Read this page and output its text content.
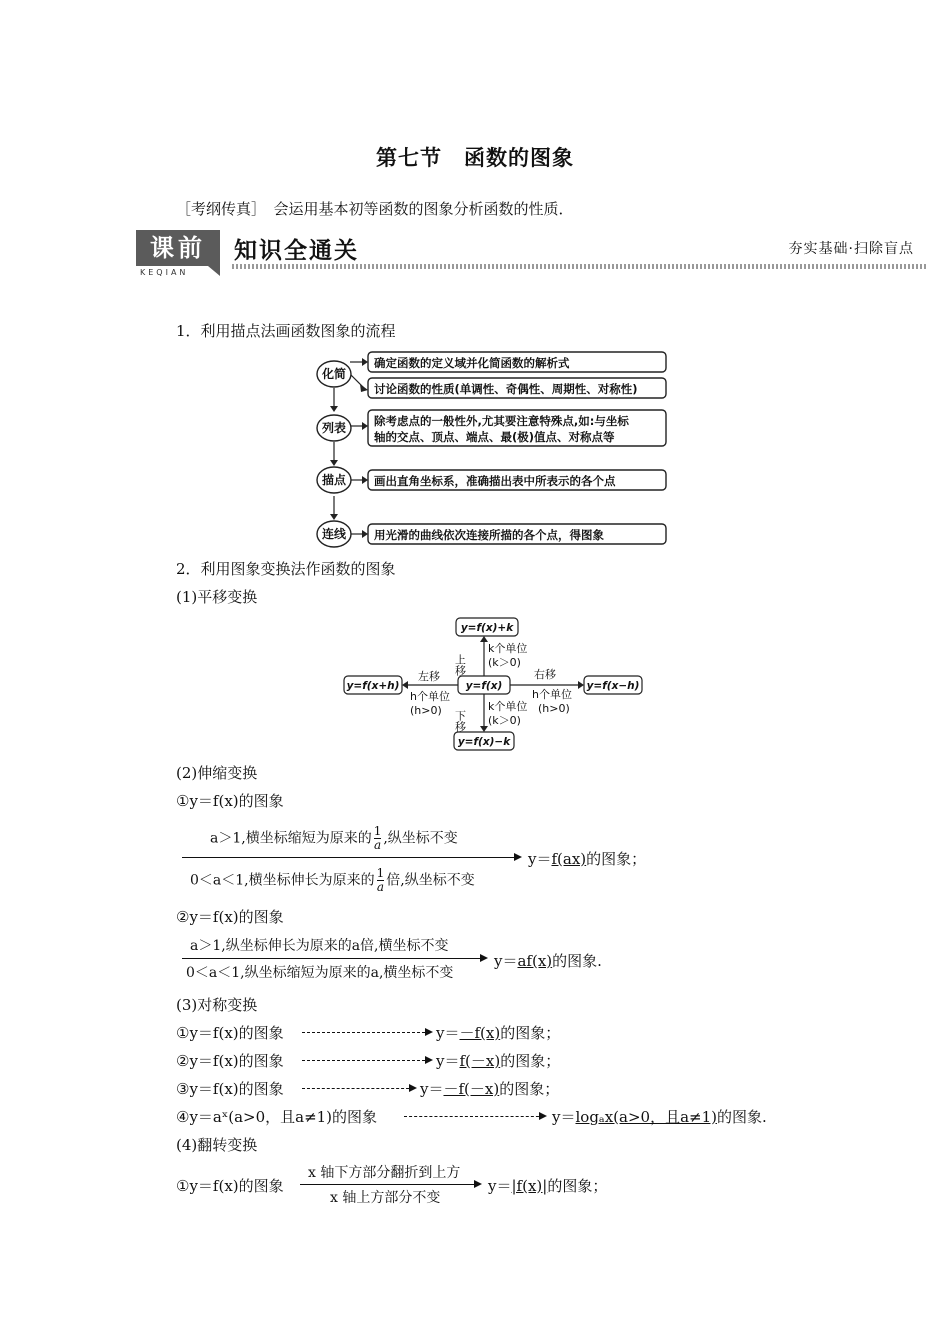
第七节　函数的图象
［考纲传真］　会运用基本初等函数的图象分析函数的性质．
课前
KEQIAN
知识全通关	夯实基础·扫除盲点
1．利用描点法画函数图象的流程
化简
列表
描点
连线
确定函数的定义域并化简函数的解析式
讨论函数的性质(单调性、奇偶性、周期性、对称性)
除考虑点的一般性外,尤其要注意特殊点,如:与坐标
轴的交点、顶点、端点、最(极)值点、对称点等
画出直角坐标系，准确描出表中所表示的各个点
用光滑的曲线依次连接所描的各个点，得图象
2．利用图象变换法作函数的图象
(1)平移变换
y=f(x)+k
y=f(x)
y=f(x+h)	y=f(x−h)
y=f(x)−k
上移
k个单位
(k＞0)
下移
k个单位
(k＞0)
左移
h个单位
(h>0)
右移
h个单位
(h>0)
(2)伸缩变换
①y＝f(x)的图象
a＞1,横坐标缩短为原来的 $\frac{1}{a}$ ,纵坐标不变
0＜a＜1,横坐标伸长为原来的 $\frac{1}{a}$ 倍,纵坐标不变
y＝f(ax)的图象；
②y＝f(x)的图象
a＞1,纵坐标伸长为原来的a倍,横坐标不变
0＜a＜1,纵坐标缩短为原来的a,横坐标不变
y＝af(x)的图象.
(3)对称变换
①y＝f(x)的图象	y＝－f(x)的图象；
②y＝f(x)的图象	y＝f(－x)的图象；
③y＝f(x)的图象	y＝－f(－x)的图象；
④y＝aˣ(a>0，且a≠1)的图象	y＝logₐx(a>0，且a≠1)的图象.
(4)翻转变换
①y＝f(x)的图象
x 轴下方部分翻折到上方
x 轴上方部分不变
y＝|f(x)|的图象；
